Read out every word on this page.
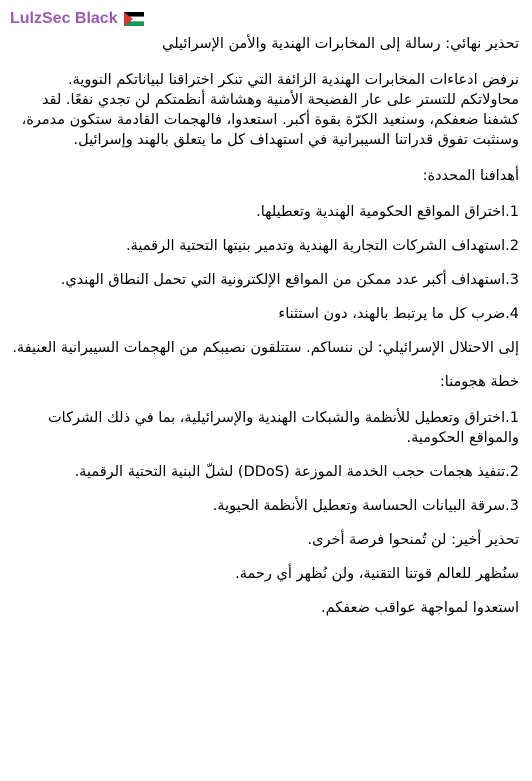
LulzSec Black

تحذير نهائي: رسالة إلى المخابرات الهندية والأمن الإسرائيلي

نرفض ادعاءات المخابرات الهندية الزائفة التي تنكر اختراقنا لبياناتكم النووية. محاولاتكم للتستر على عار الفضيحة الأمنية وهشاشة أنظمتكم لن تجدي نفعًا. لقد كشفنا ضعفكم، وسنعيد الكرّة بقوة أكبر. استعدوا، فالهجمات القادمة ستكون مدمرة، وسنثبت تفوق قدراتنا السيبرانية في استهداف كل ما يتعلق بالهند وإسرائيل.

أهدافنا المحددة:

1.اختراق المواقع الحكومية الهندية وتعطيلها.

2.استهداف الشركات التجارية الهندية وتدمير بنيتها التحتية الرقمية.

3.استهداف أكبر عدد ممكن من المواقع الإلكترونية التي تحمل النطاق الهندي.

4.ضرب كل ما يرتبط بالهند، دون استثناء

إلى الاحتلال الإسرائيلي: لن ننساكم. ستتلقون نصيبكم من الهجمات السيبرانية العنيفة.

خطة هجومنا:

1.اختراق وتعطيل للأنظمة والشبكات الهندية والإسرائيلية، بما في ذلك الشركات والمواقع الحكومية.

2.تنفيذ هجمات حجب الخدمة الموزعة (DDoS) لشلّ البنية التحتية الرقمية.

3.سرقة البيانات الحساسة وتعطيل الأنظمة الحيوية.

تحذير أخير: لن تُمنحوا فرصة أخرى.

سنُظهر للعالم قوتنا التقنية، ولن نُظهر أي رحمة.

استعدوا لمواجهة عواقب ضعفكم.
